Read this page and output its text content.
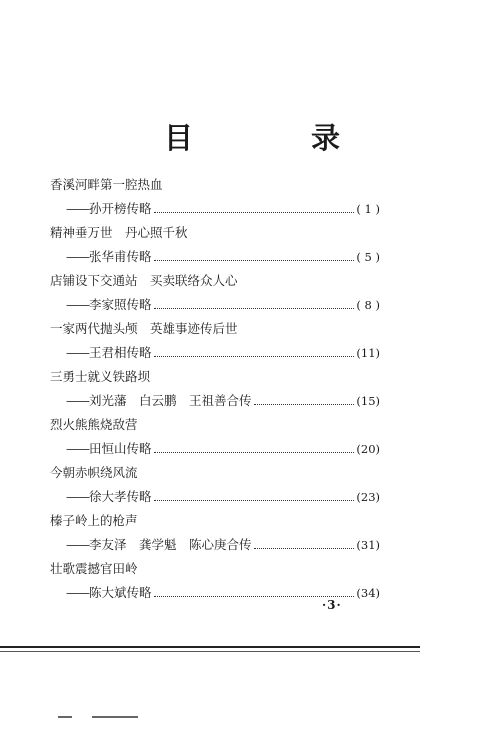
目 录
香溪河畔第一腔热血
—— 孙开榜传略	( 1 )
精神垂万世　丹心照千秋
—— 张华甫传略	( 5 )
店铺设下交通站　买卖联络众人心
—— 李家照传略	( 8 )
一家两代抛头颅　英雄事迹传后世
—— 王君相传略	(11)
三勇士就义铁路坝
—— 刘光藩　白云鹏　王祖善合传	(15)
烈火熊熊烧敌营
—— 田恒山传略	(20)
今朝赤帜绕风流
—— 徐大孝传略	(23)
榛子岭上的枪声
—— 李友泽　龚学魁　陈心庚合传	(31)
壮歌震撼官田岭
—— 陈大斌传略	(34)
·3·
